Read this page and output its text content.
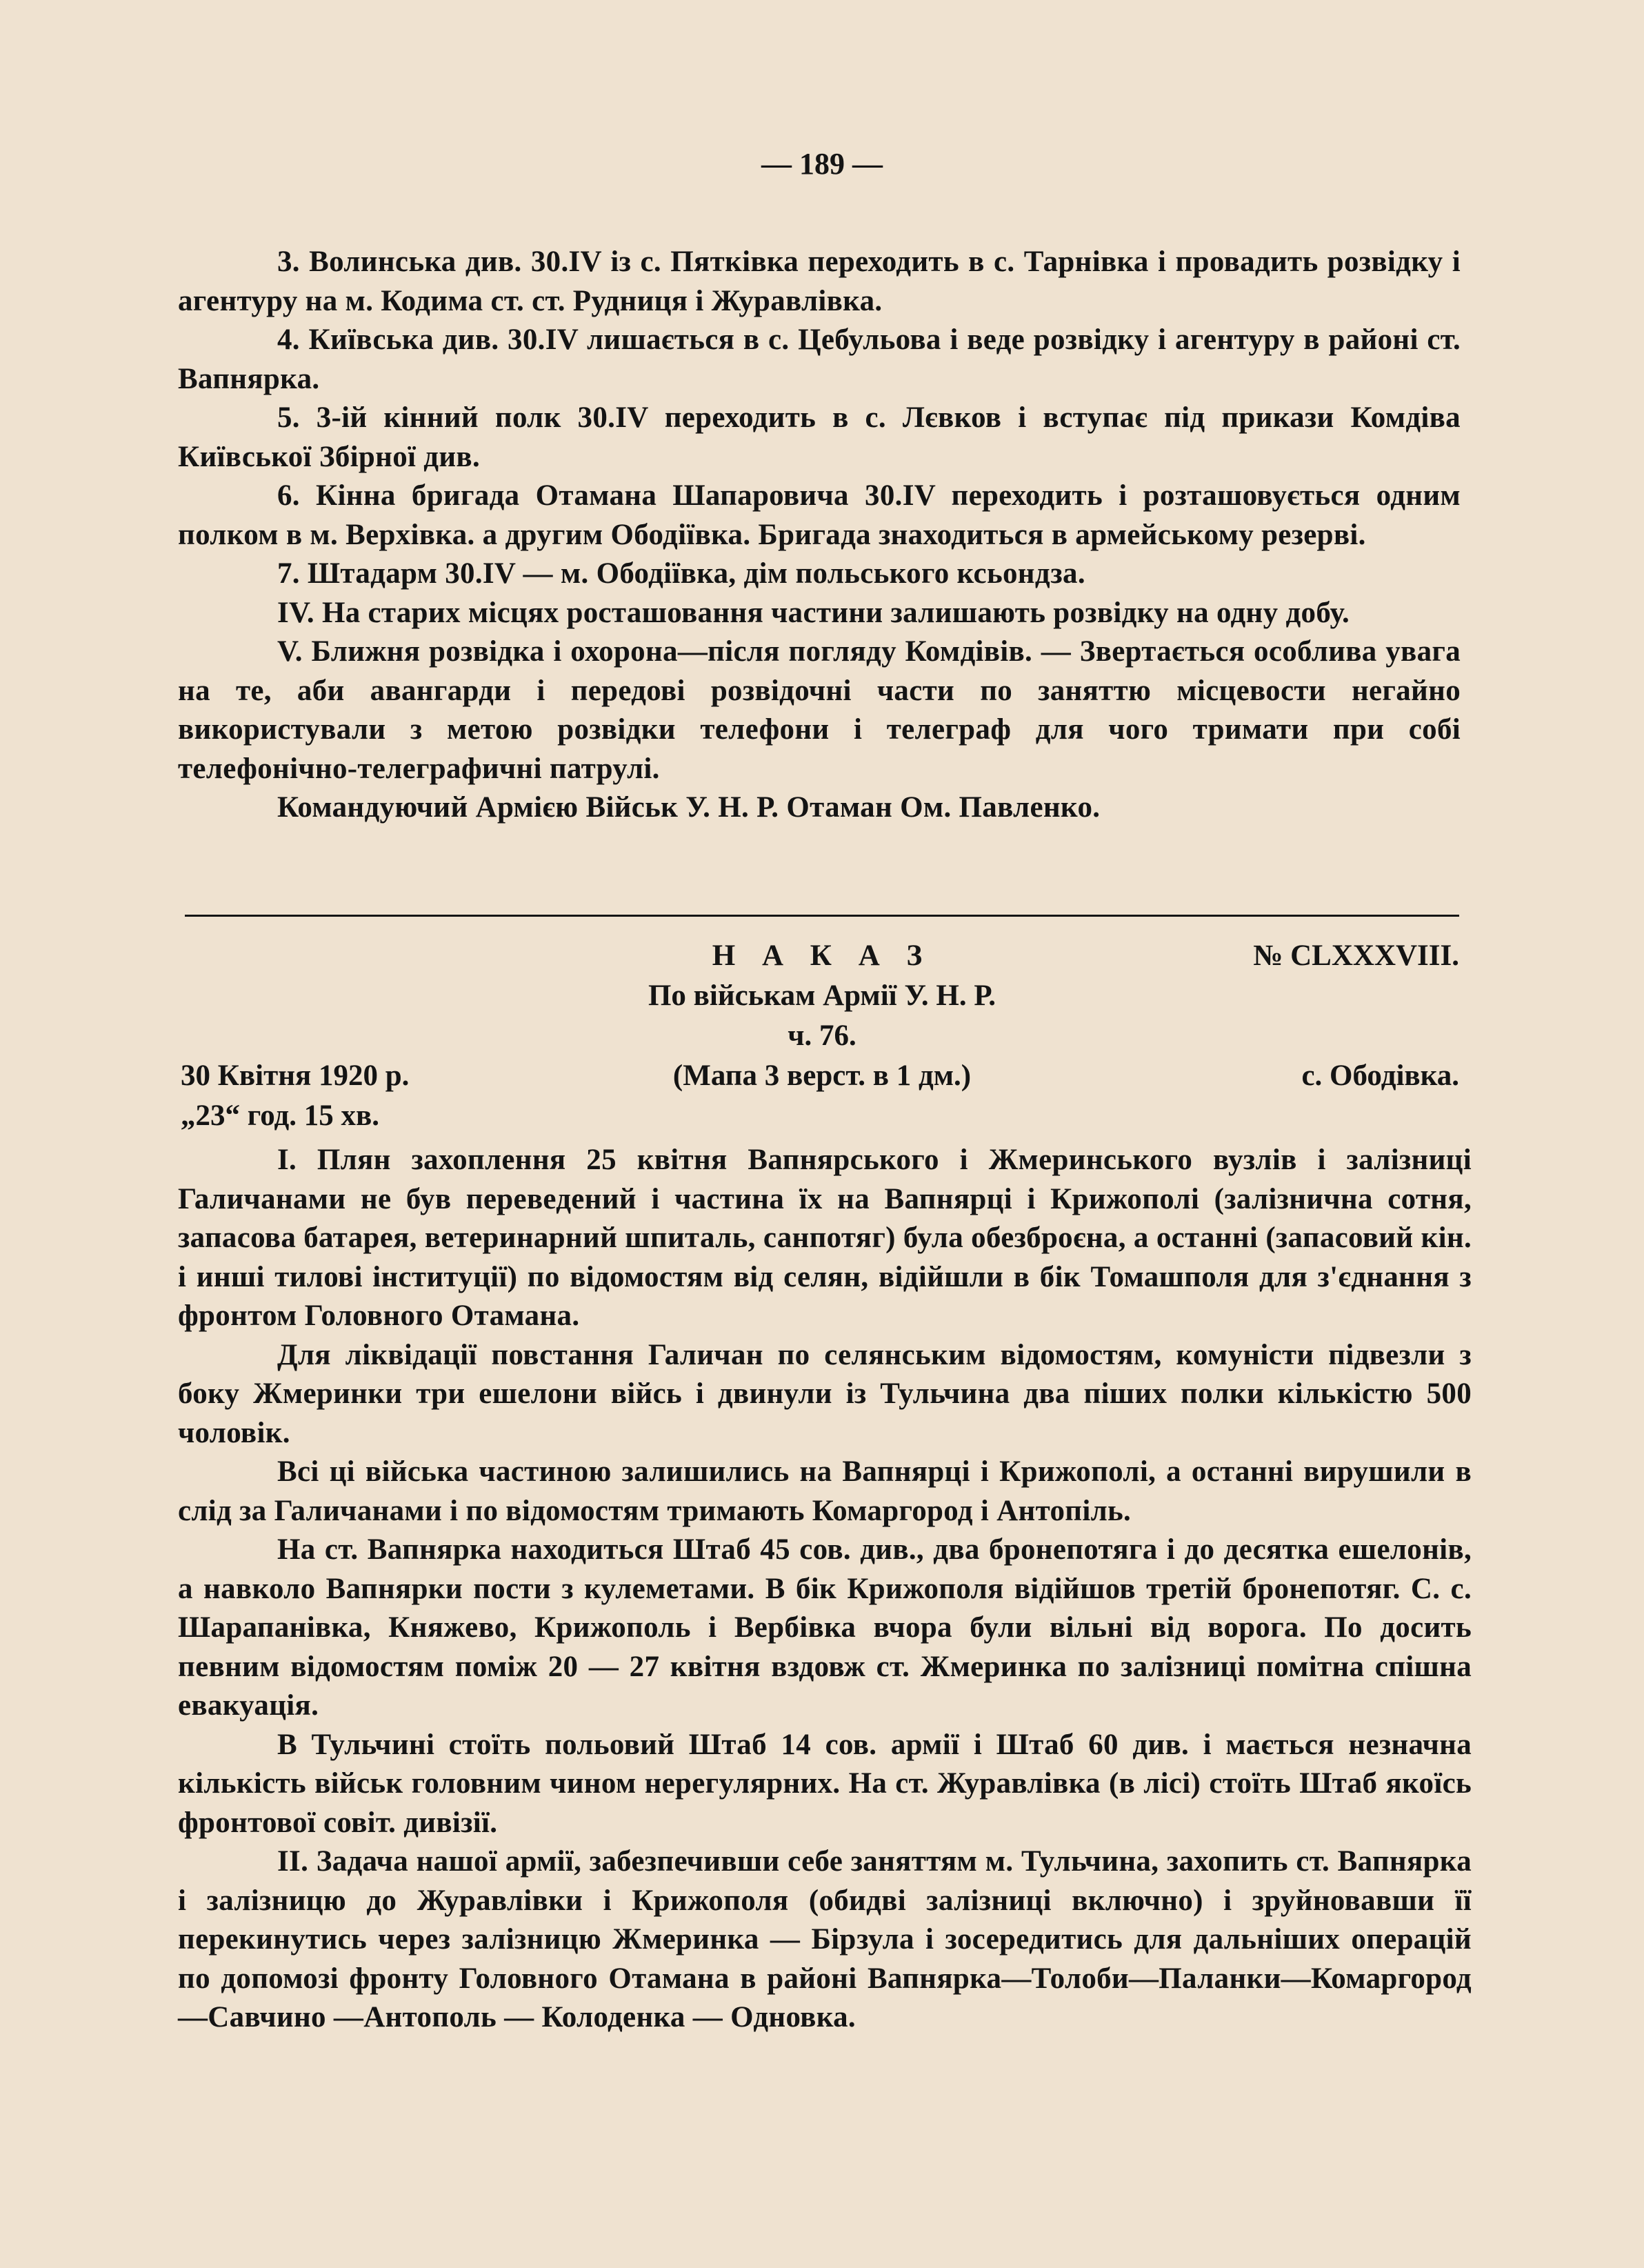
— 189 —

3. Волинська див. 30.IV із с. Пятківка переходить в с. Тарнівка і провадить розвідку і агентуру на м. Кодима ст. ст. Рудниця і Журавлівка.

4. Київська див. 30.IV лишається в с. Цебульова і веде розвідку і агентуру в районі ст. Вапнярка.

5. 3-ій кінний полк 30.IV переходить в с. Лєвков і вступає під прикази Комдіва Київської Збірної див.

6. Кінна бригада Отамана Шапаровича 30.IV переходить і розташовується одним полком в м. Верхівка. а другим Ободіївка. Бригада знаходиться в армейському резерві.

7. Штадарм 30.IV — м. Ободіївка, дім польського ксьондза.

IV. На старих місцях росташовання частини залишають розвідку на одну добу.

V. Ближня розвідка і охорона—після погляду Комдівів. — Звертається особлива увага на те, аби авангарди і передові розвідочні части по заняттю місцевости негайно використували з метою розвідки телефони і телеграф для чого тримати при собі телефонічно-телеграфичні патрулі.

Командуючий Армією Військ У. Н. Р. Отаман Ом. Павленко.

Н А К А З	№ CLXXXVIII.
По військам Армії У. Н. Р.
ч. 76.
30 Квітня 1920 р.	(Мапа 3 верст. в 1 дм.)	с. Ободівка.
„23“ год. 15 хв.

I. Плян захоплення 25 квітня Вапнярського і Жмеринського вузлів і залізниці Галичанами не був переведений і частина їх на Вапнярці і Крижополі (залізнична сотня, запасова батарея, ветеринарний шпиталь, санпотяг) була обезброєна, а останні (запасовий кін. і инші тилові інституції) по відомостям від селян, відійшли в бік Томашполя для з'єднання з фронтом Головного Отамана.

Для ліквідації повстання Галичан по селянським відомостям, комуністи підвезли з боку Жмеринки три ешелони війсь і двинули із Тульчина два піших полки кількістю 500 чоловік.

Всі ці війська частиною залишились на Вапнярці і Крижополі, а останні вирушили в слід за Галичанами і по відомостям тримають Комаргород і Антопіль.

На ст. Вапнярка находиться Штаб 45 сов. див., два бронепотяга і до десятка ешелонів, а навколо Вапнярки пости з кулеметами. В бік Крижополя відійшов третій бронепотяг. С. с. Шарапанівка, Княжево, Крижополь і Вербівка вчора були вільні від ворога. По досить певним відомостям поміж 20 — 27 квітня вздовж ст. Жмеринка по залізниці помітна спішна евакуація.

В Тульчині стоїть польовий Штаб 14 сов. армії і Штаб 60 див. і мається незначна кількість військ головним чином нерегулярних. На ст. Журавлівка (в лісі) стоїть Штаб якоїсь фронтової совіт. дивізії.

II. Задача нашої армії, забезпечивши себе заняттям м. Тульчина, захопить ст. Вапнярка і залізницю до Журавлівки і Крижополя (обидві залізниці включно) і зруйновавши її перекинутись через залізницю Жмеринка — Бірзула і зосередитись для дальніших операцій по допомозі фронту Головного Отамана в районі Вапнярка—Толоби—Паланки—Комаргород—Савчино —Антополь — Колоденка — Одновка.
